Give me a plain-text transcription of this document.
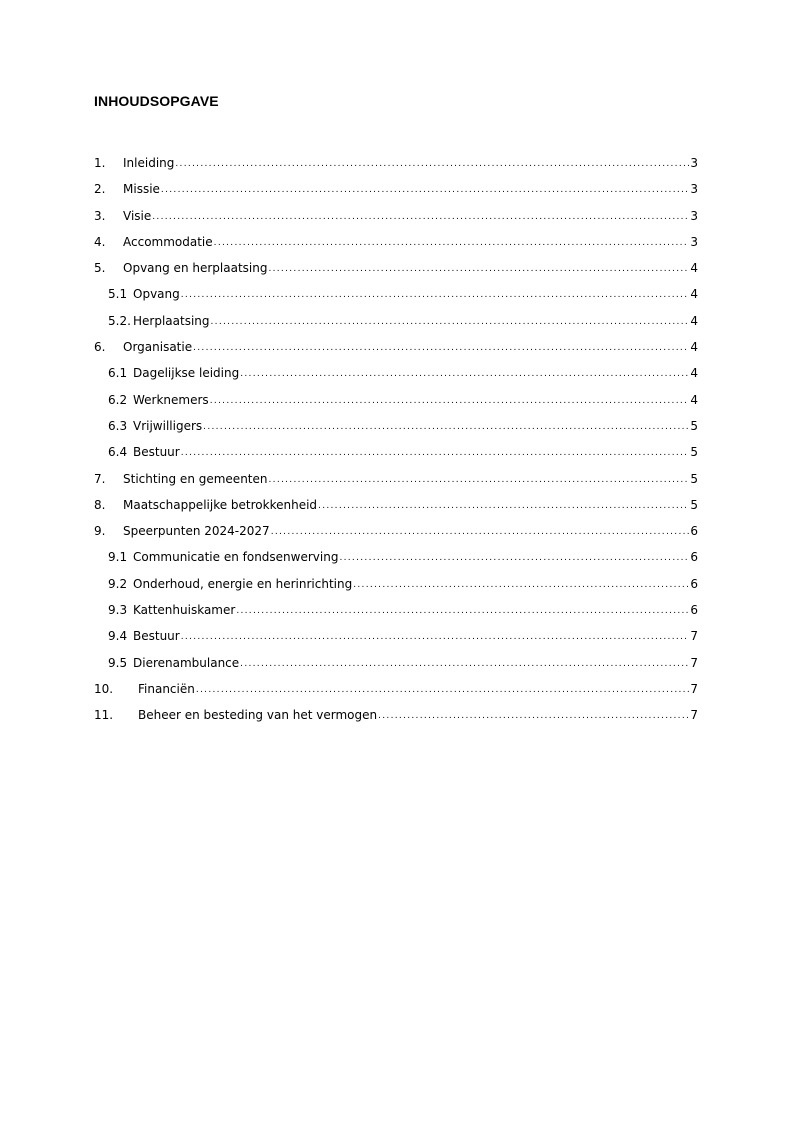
INHOUDSOPGAVE
1.	Inleiding .....	3
2.	Missie .....	3
3.	Visie .....	3
4.	Accommodatie .....	3
5.	Opvang en herplaatsing .....	4
5.1 Opvang .....	4
5.2. Herplaatsing .....	4
6.	Organisatie .....	4
6.1 Dagelijkse leiding .....	4
6.2 Werknemers .....	4
6.3 Vrijwilligers .....	5
6.4 Bestuur .....	5
7.	Stichting en gemeenten .....	5
8.	Maatschappelijke betrokkenheid .....	5
9.	Speerpunten 2024-2027 .....	6
9.1 Communicatie en fondsenwerving .....	6
9.2 Onderhoud, energie en herinrichting .....	6
9.3 Kattenhuiskamer .....	6
9.4 Bestuur .....	7
9.5 Dierenambulance .....	7
10.	Financiën .....	7
11.	Beheer en besteding van het vermogen .....	7
